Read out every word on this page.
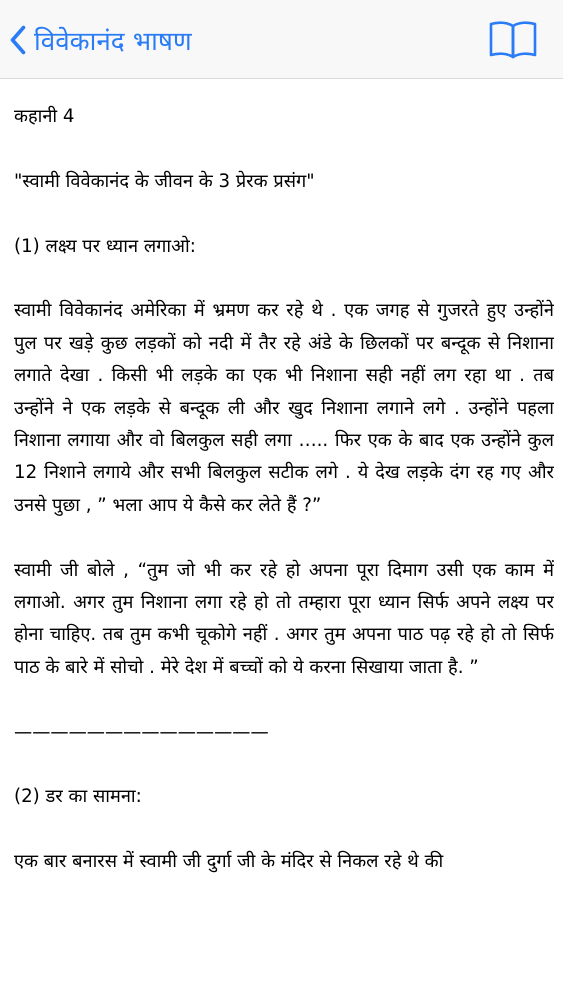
विवेकानंद भाषण

कहानी 4

"स्वामी विवेकानंद के जीवन के 3 प्रेरक प्रसंग"

(1) लक्ष्य पर ध्यान लगाओ:

स्वामी विवेकानंद अमेरिका में भ्रमण कर रहे थे . एक जगह से गुजरते हुए उन्होंने पुल पर खड़े कुछ लड़कों को नदी में तैर रहे अंडे के छिलकों पर बन्दूक से निशाना लगाते देखा . किसी भी लड़के का एक भी निशाना सही नहीं लग रहा था . तब उन्होंने ने एक लड़के से बन्दूक ली और खुद निशाना लगाने लगे . उन्होंने पहला निशाना लगाया और वो बिलकुल सही लगा ….. फिर एक के बाद एक उन्होंने कुल 12 निशाने लगाये और सभी बिलकुल सटीक लगे . ये देख लड़के दंग रह गए और उनसे पुछा , ” भला आप ये कैसे कर लेते हैं ?”

स्वामी जी बोले , “तुम जो भी कर रहे हो अपना पूरा दिमाग उसी एक काम में लगाओ. अगर तुम निशाना लगा रहे हो तो तम्हारा पूरा ध्यान सिर्फ अपने लक्ष्य पर होना चाहिए. तब तुम कभी चूकोगे नहीं . अगर तुम अपना पाठ पढ़ रहे हो तो सिर्फ पाठ के बारे में सोचो . मेरे देश में बच्चों को ये करना सिखाया जाता है. ”

——————————————

(2) डर का सामना:

एक बार बनारस में स्वामी जी दुर्गा जी के मंदिर से निकल रहे थे की
